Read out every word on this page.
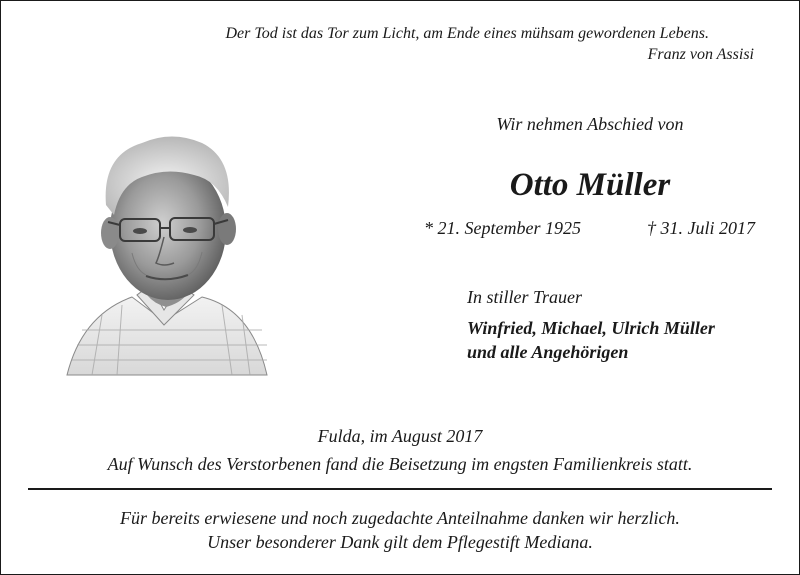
Der Tod ist das Tor zum Licht, am Ende eines mühsam gewordenen Lebens.
Franz von Assisi
Wir nehmen Abschied von
Otto Müller
* 21. September 1925	† 31. Juli 2017
In stiller Trauer
Winfried, Michael, Ulrich Müller
und alle Angehörigen
Fulda, im August 2017
Auf Wunsch des Verstorbenen fand die Beisetzung im engsten Familienkreis statt.
Für bereits erwiesene und noch zugedachte Anteilnahme danken wir herzlich.
Unser besonderer Dank gilt dem Pflegestift Mediana.
